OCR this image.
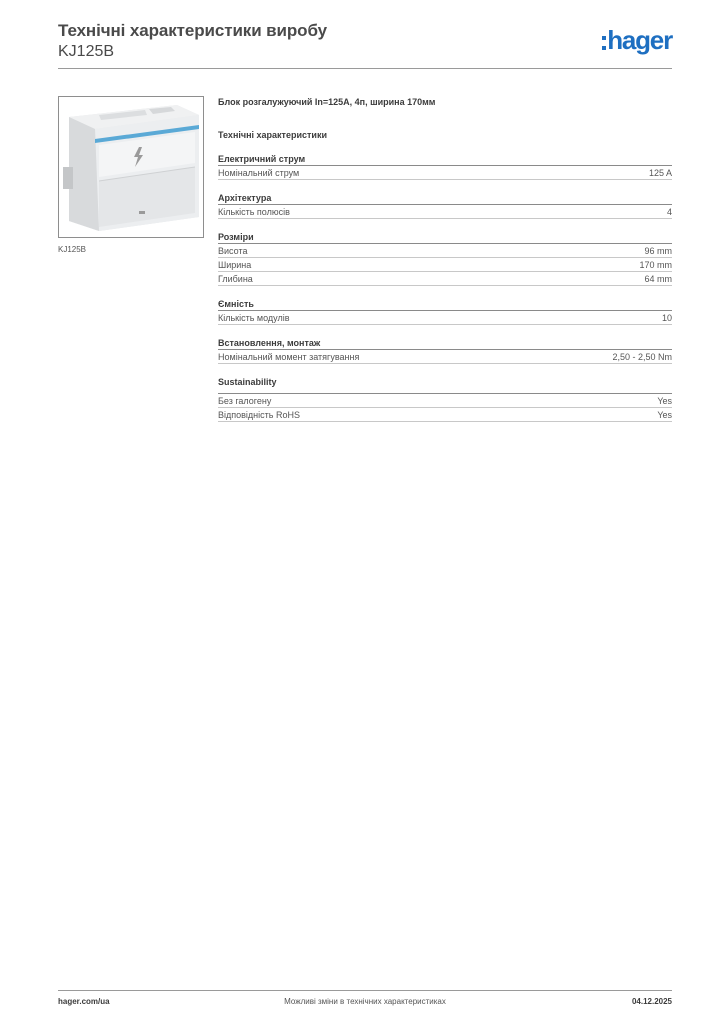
Технічні характеристики виробу
KJ125B	hager
KJ125B
Блок розгалужуючий In=125A, 4п, ширина 170мм
Технічні характеристики
Електричний струм
Номінальний струм	125 A
Архітектура
Кількість полюсів	4
Розміри
Висота	96 mm
Ширина	170 mm
Глибина	64 mm
Ємність
Кількість модулів	10
Встановлення, монтаж
Номінальний момент затягування	2,50 - 2,50 Nm
Sustainability
Без галогену	Yes
Відповідність RoHS	Yes
hager.com/ua	Можливі зміни в технічних характеристиках	04.12.2025
